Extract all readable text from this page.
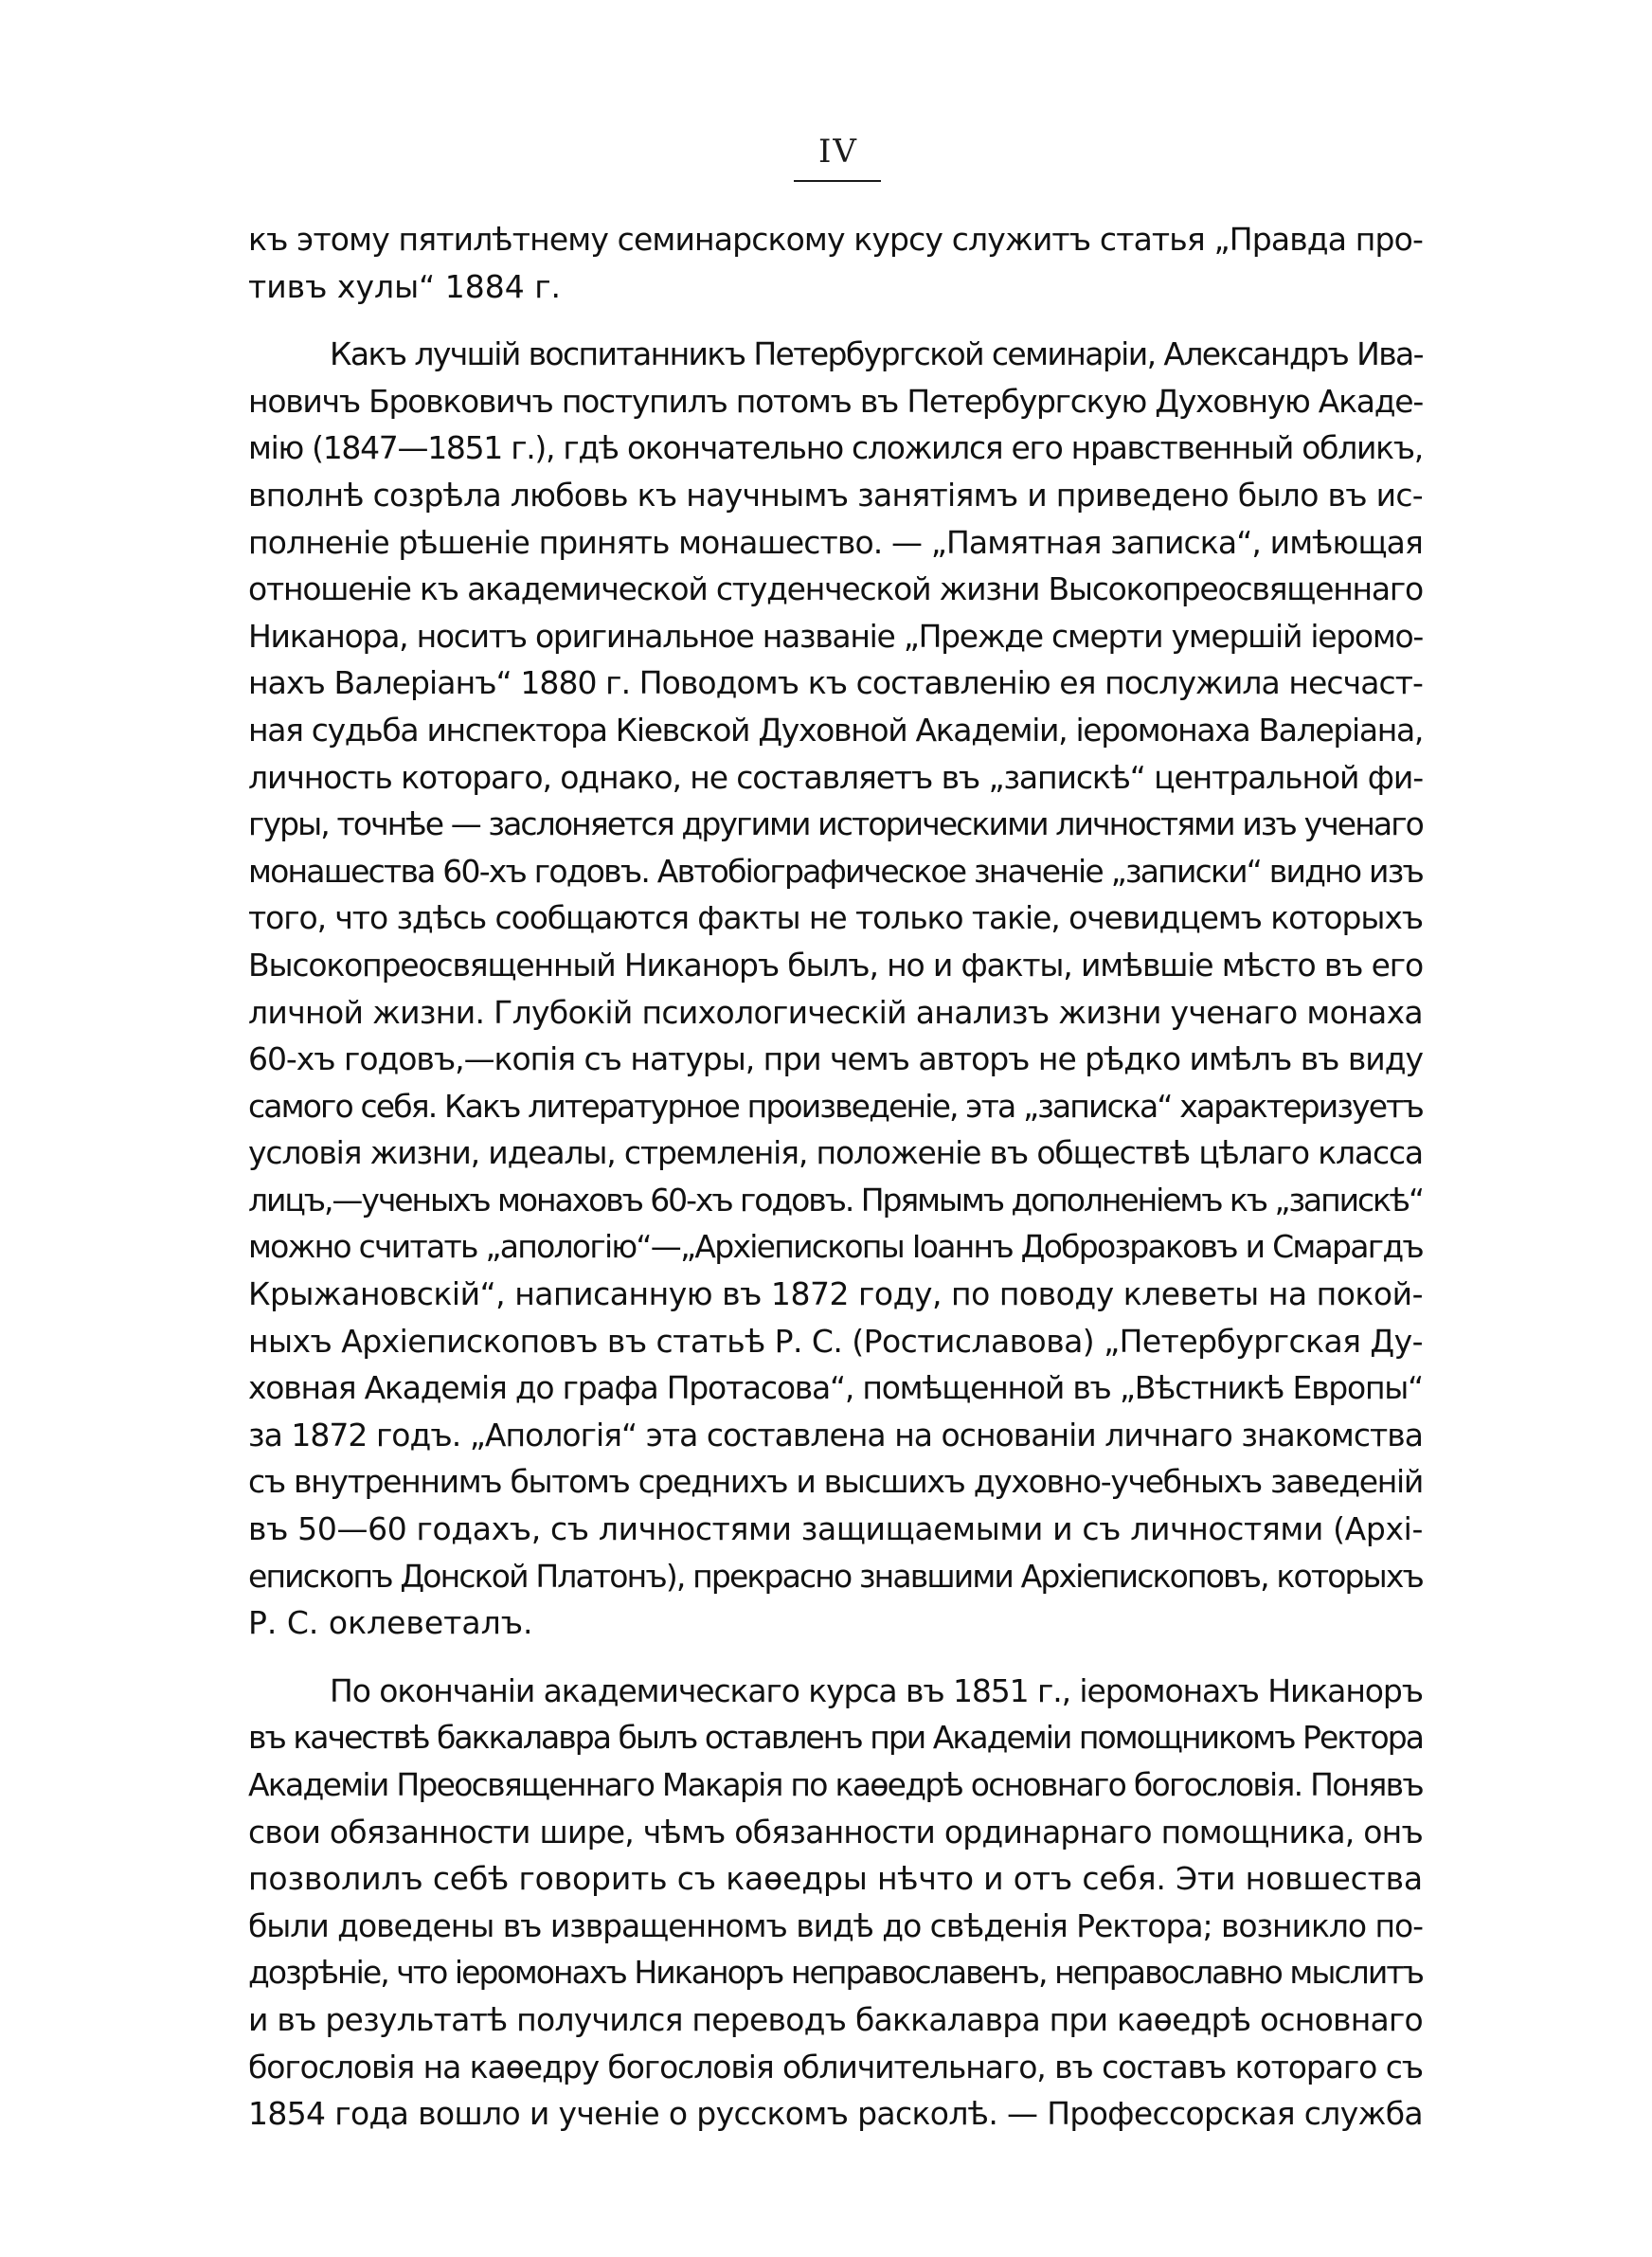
IV
къ этому пятилѣтнему семинарскому курсу служитъ статья „Правда про-
тивъ хулы“ 1884 г.
Какъ лучшій воспитанникъ Петербургской семинаріи, Александръ Ива-
новичъ Бровковичъ поступилъ потомъ въ Петербургскую Духовную Акаде-
мію (1847—1851 г.), гдѣ окончательно сложился его нравственный обликъ,
вполнѣ созрѣла любовь къ научнымъ занятіямъ и приведено было въ ис-
полненіе рѣшеніе принять монашество. — „Памятная записка“, имѣющая
отношеніе къ академической студенческой жизни Высокопреосвященнаго
Никанора, носитъ оригинальное названіе „Прежде смерти умершій іеромо-
нахъ Валеріанъ“ 1880 г. Поводомъ къ составленію ея послужила несчаст-
ная судьба инспектора Кіевской Духовной Академіи, іеромонаха Валеріана,
личность котораго, однако, не составляетъ въ „запискѣ“ центральной фи-
гуры, точнѣе — заслоняется другими историческими личностями изъ ученаго
монашества 60-хъ годовъ. Автобіографическое значеніе „записки“ видно изъ
того, что здѣсь сообщаются факты не только такіе, очевидцемъ которыхъ
Высокопреосвященный Никаноръ былъ, но и факты, имѣвшіе мѣсто въ его
личной жизни. Глубокій психологическій анализъ жизни ученаго монаха
60-хъ годовъ,—копія съ натуры, при чемъ авторъ не рѣдко имѣлъ въ виду
самого себя. Какъ литературное произведеніе, эта „записка“ характеризуетъ
условія жизни, идеалы, стремленія, положеніе въ обществѣ цѣлаго класса
лицъ,—ученыхъ монаховъ 60-хъ годовъ. Прямымъ дополненіемъ къ „запискѣ“
можно считать „апологію“—„Архіепископы Іоаннъ Доброзраковъ и Смарагдъ
Крыжановскій“, написанную въ 1872 году, по поводу клеветы на покой-
ныхъ Архіепископовъ въ статьѣ Р. С. (Ростиславова) „Петербургская Ду-
ховная Академія до графа Протасова“, помѣщенной въ „Вѣстникѣ Европы“
за 1872 годъ. „Апологія“ эта составлена на основаніи личнаго знакомства
съ внутреннимъ бытомъ среднихъ и высшихъ духовно-учебныхъ заведеній
въ 50—60 годахъ, съ личностями защищаемыми и съ личностями (Архі-
епископъ Донской Платонъ), прекрасно знавшими Архіепископовъ, которыхъ
Р. С. оклеветалъ.
По окончаніи академическаго курса въ 1851 г., іеромонахъ Никаноръ
въ качествѣ баккалавра былъ оставленъ при Академіи помощникомъ Ректора
Академіи Преосвященнаго Макарія по каѳедрѣ основнаго богословія. Понявъ
свои обязанности шире, чѣмъ обязанности ординарнаго помощника, онъ
позволилъ себѣ говорить съ каѳедры нѣчто и отъ себя. Эти новшества
были доведены въ извращенномъ видѣ до свѣденія Ректора; возникло по-
дозрѣніе, что іеромонахъ Никаноръ неправославенъ, неправославно мыслитъ
и въ результатѣ получился переводъ баккалавра при каѳедрѣ основнаго
богословія на каѳедру богословія обличительнаго, въ составъ котораго съ
1854 года вошло и ученіе о русскомъ расколѣ. — Профессорская служба
